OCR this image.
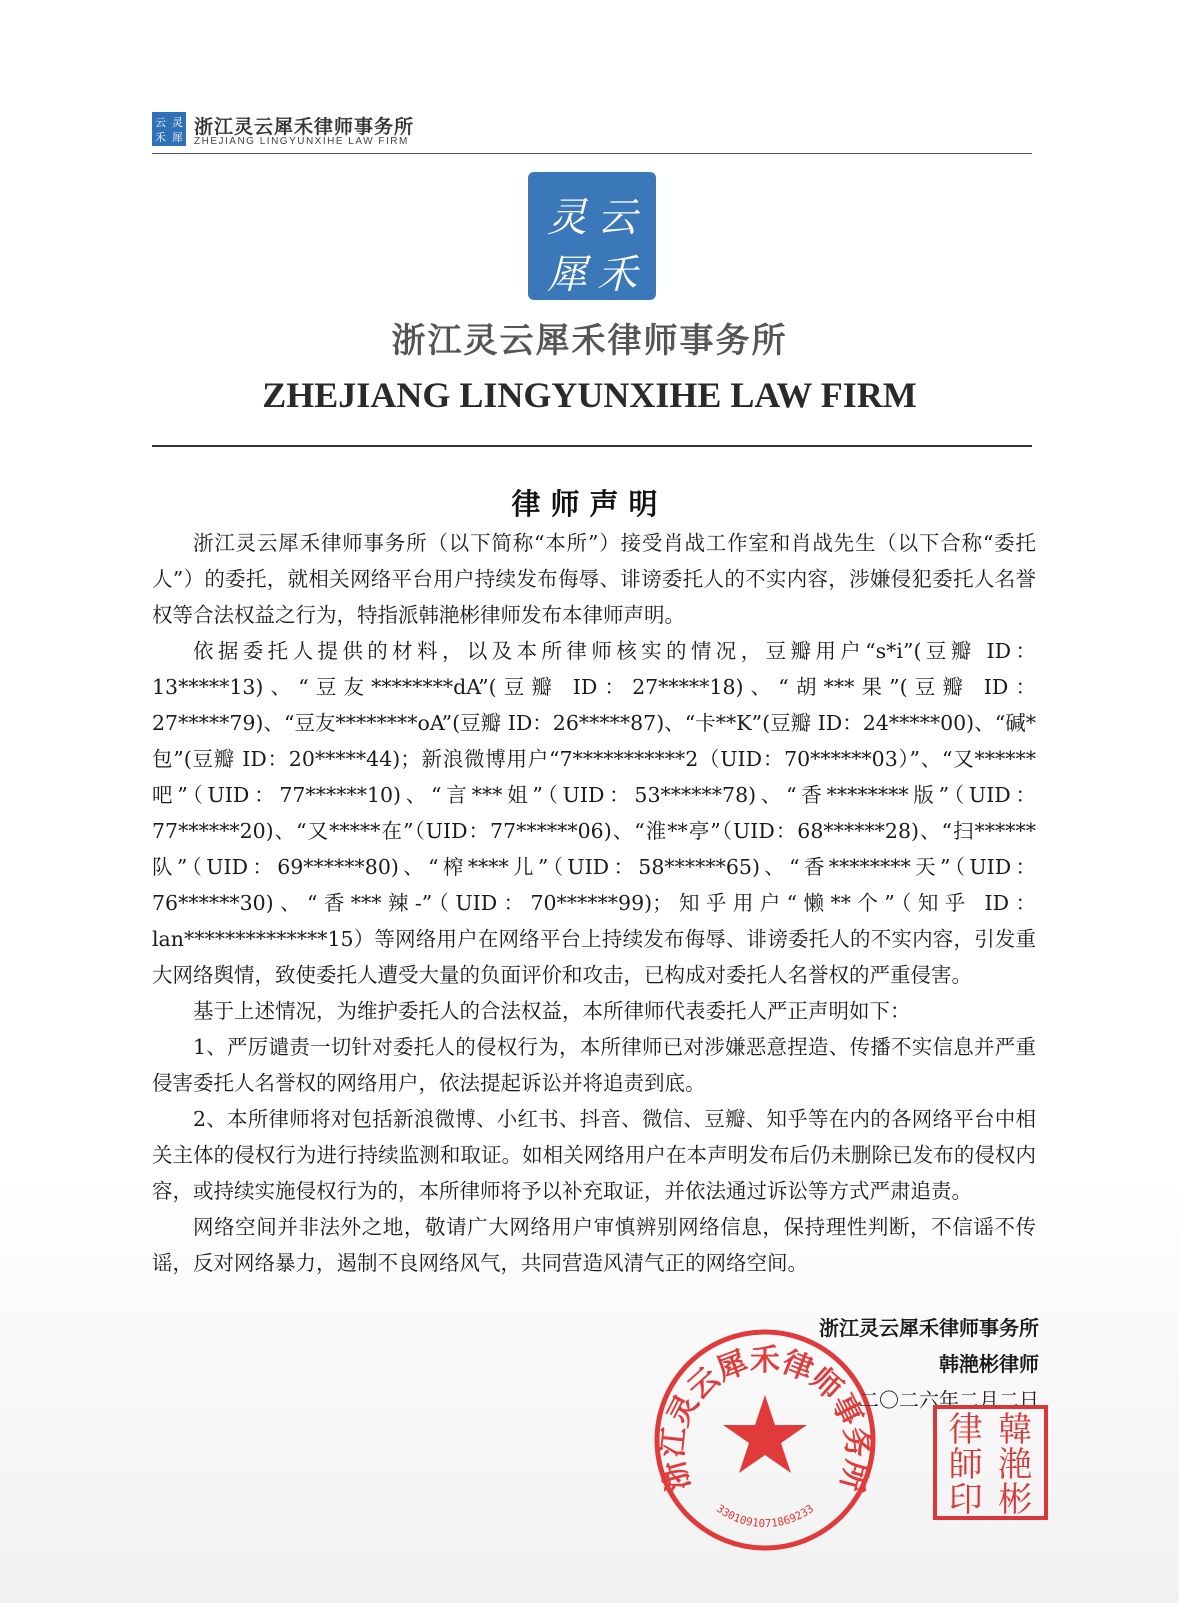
云 灵
禾 犀 浙江灵云犀禾律师事务所
ZHEJIANG LINGYUNXIHE LAW FIRM
灵 云
犀 禾
浙江灵云犀禾律师事务所
ZHEJIANG LINGYUNXIHE LAW FIRM
律师声明

浙江灵云犀禾律师事务所（以下简称“本所”）接受肖战工作室和肖战先生（以下合称“委托人”）的委托，就相关网络平台用户持续发布侮辱、诽谤委托人的不实内容，涉嫌侵犯委托人名誉权等合法权益之行为，特指派韩滟彬律师发布本律师声明。

依据委托人提供的材料，以及本所律师核实的情况，豆瓣用户“s*i”(豆瓣 ID：13*****13)、“豆友********dA”(豆瓣 ID：27*****18)、“胡***果”(豆瓣 ID：27*****79)、“豆友********oA”(豆瓣 ID：26*****87)、“卡**K”(豆瓣 ID：24*****00)、“碱*包”(豆瓣 ID：20*****44)；新浪微博用户“7***********2（UID：70******03）”、“又******吧”（UID：77******10)、“言***姐”（UID：53******78)、“香********版”（UID：77******20)、“又*****在”（UID：77******06)、“淮**亭”（UID：68******28)、“扫******队”（UID：69******80)、“榨****儿”（UID：58******65)、“香********天”（UID：76******30)、“香***辣-”（UID：70******99)；知乎用户“懒**个”（知乎 ID：lan**************15）等网络用户在网络平台上持续发布侮辱、诽谤委托人的不实内容，引发重大网络舆情，致使委托人遭受大量的负面评价和攻击，已构成对委托人名誉权的严重侵害。

基于上述情况，为维护委托人的合法权益，本所律师代表委托人严正声明如下：

1、严厉谴责一切针对委托人的侵权行为，本所律师已对涉嫌恶意捏造、传播不实信息并严重侵害委托人名誉权的网络用户，依法提起诉讼并将追责到底。

2、本所律师将对包括新浪微博、小红书、抖音、微信、豆瓣、知乎等在内的各网络平台中相关主体的侵权行为进行持续监测和取证。如相关网络用户在本声明发布后仍未删除已发布的侵权内容，或持续实施侵权行为的，本所律师将予以补充取证，并依法通过诉讼等方式严肃追责。

网络空间并非法外之地，敬请广大网络用户审慎辨别网络信息，保持理性判断，不信谣不传谣，反对网络暴力，遏制不良网络风气，共同营造风清气正的网络空间。

浙江灵云犀禾律师事务所
3301091071869233
浙江灵云犀禾律师事务所
韩滟彬律师
二〇二六年二月二日
律 韓
師 滟
印 彬
